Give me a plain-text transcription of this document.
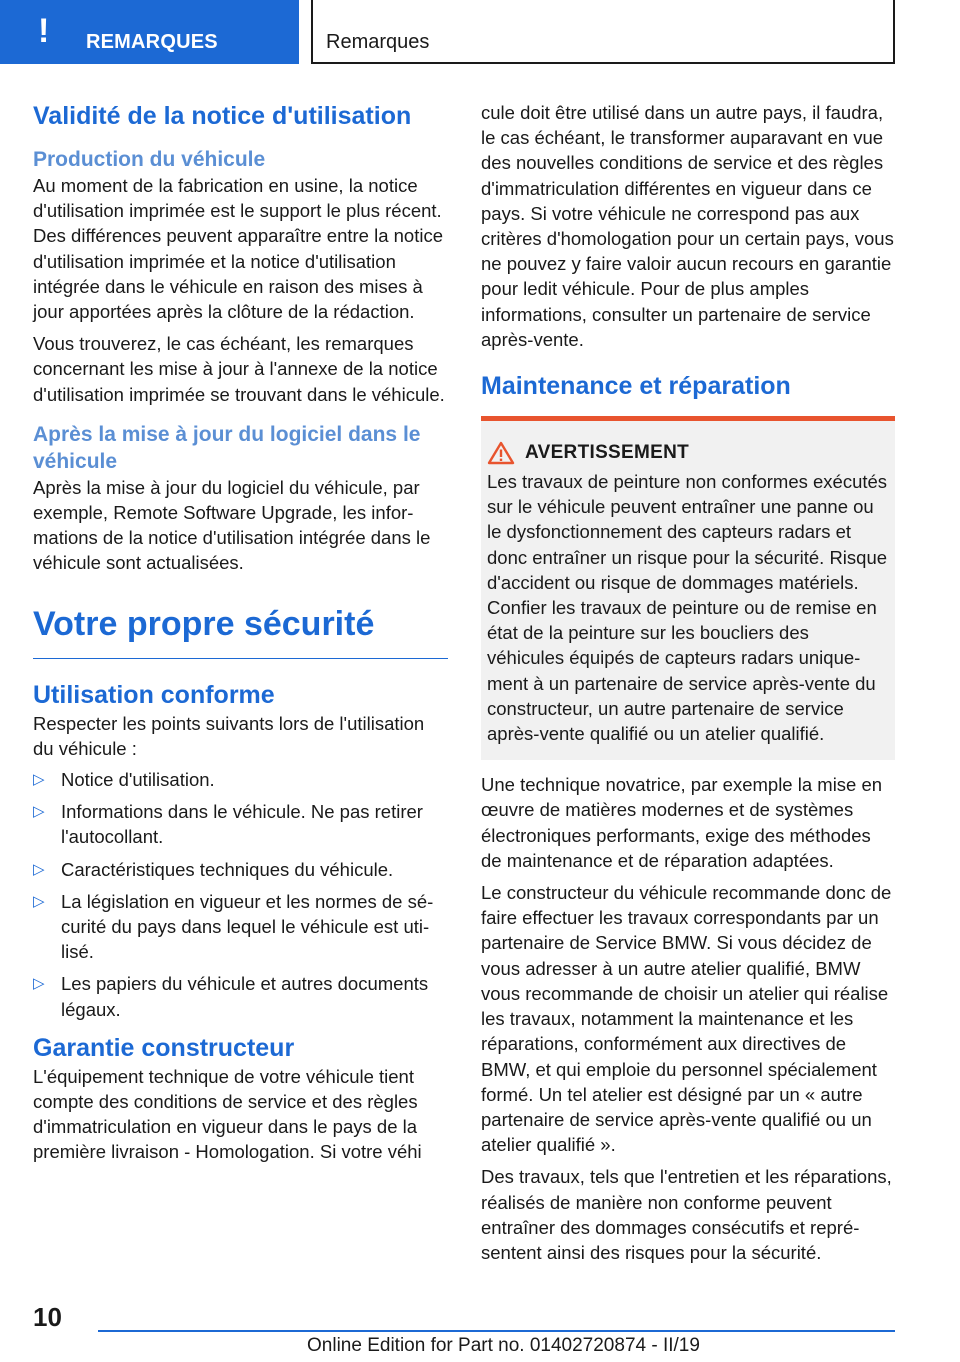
! REMARQUES	Remarques
Validité de la notice d'utilisation
Production du véhicule

Au moment de la fabrication en usine, la notice d'utilisation imprimée est le support le plus récent. Des différences peuvent apparaître entre la notice d'utilisation imprimée et la notice d'utilisation intégrée dans le véhicule en raison des mises à jour apportées après la clôture de la rédaction.

Vous trouverez, le cas échéant, les remarques concernant les mise à jour à l'annexe de la notice d'utilisation imprimée se trouvant dans le véhicule.

Après la mise à jour du logiciel dans le véhicule

Après la mise à jour du logiciel du véhicule, par exemple, Remote Software Upgrade, les informations de la notice d'utilisation intégrée dans le véhicule sont actualisées.

Votre propre sécurité
Utilisation conforme

Respecter les points suivants lors de l'utilisation du véhicule :

▷ Notice d'utilisation.
▷ Informations dans le véhicule. Ne pas retirer l'autocollant.
▷ Caractéristiques techniques du véhicule.
▷ La législation en vigueur et les normes de sécurité du pays dans lequel le véhicule est utilisé.
▷ Les papiers du véhicule et autres documents légaux.
Garantie constructeur

L'équipement technique de votre véhicule tient compte des conditions de service et des règles d'immatriculation en vigueur dans le pays de la première livraison - Homologation. Si votre véhi

cule doit être utilisé dans un autre pays, il faudra, le cas échéant, le transformer auparavant en vue des nouvelles conditions de service et des règles d'immatriculation différentes en vigueur dans ce pays. Si votre véhicule ne correspond pas aux critères d'homologation pour un certain pays, vous ne pouvez y faire valoir aucun recours en garantie pour ledit véhicule. Pour de plus amples informations, consulter un partenaire de service après-vente.

Maintenance et réparation
AVERTISSEMENT

Les travaux de peinture non conformes exécutés sur le véhicule peuvent entraîner une panne ou le dysfonctionnement des capteurs radars et donc entraîner un risque pour la sécurité. Risque d'accident ou risque de dommages matériels. Confier les travaux de peinture ou de remise en état de la peinture sur les boucliers des véhicules équipés de capteurs radars uniquement à un partenaire de service après-vente du constructeur, un autre partenaire de service après-vente qualifié ou un atelier qualifié.

Une technique novatrice, par exemple la mise en œuvre de matières modernes et de systèmes électroniques performants, exige des méthodes de maintenance et de réparation adaptées.

Le constructeur du véhicule recommande donc de faire effectuer les travaux correspondants par un partenaire de Service BMW. Si vous décidez de vous adresser à un autre atelier qualifié, BMW vous recommande de choisir un atelier qui réalise les travaux, notamment la maintenance et les réparations, conformément aux directives de BMW, et qui emploie du personnel spécialement formé. Un tel atelier est désigné par un « autre partenaire de service après-vente qualifié ou un atelier qualifié ».

Des travaux, tels que l'entretien et les réparations, réalisés de manière non conforme peuvent entraîner des dommages consécutifs et représentent ainsi des risques pour la sécurité.

10
Online Edition for Part no. 01402720874 - II/19
